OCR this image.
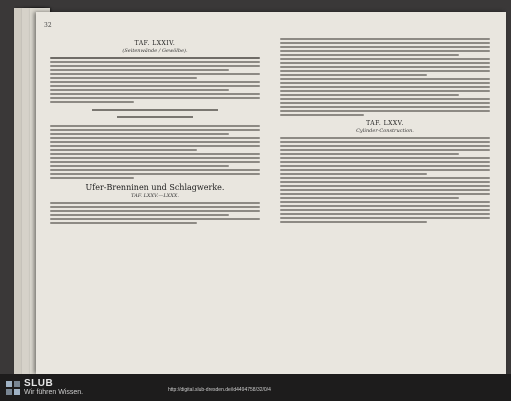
32
TAF. LXXIV.
(Seitenwände / Gewölbe).
Ufer-Brenninen und Schlagwerke.
TAF. LXXV.—LXXX.
TAF. LXXV.
Cylinder-Construction.
SLUB
Wir führen Wissen.	http://digital.slub-dresden.de/id4494758/32/0/4
